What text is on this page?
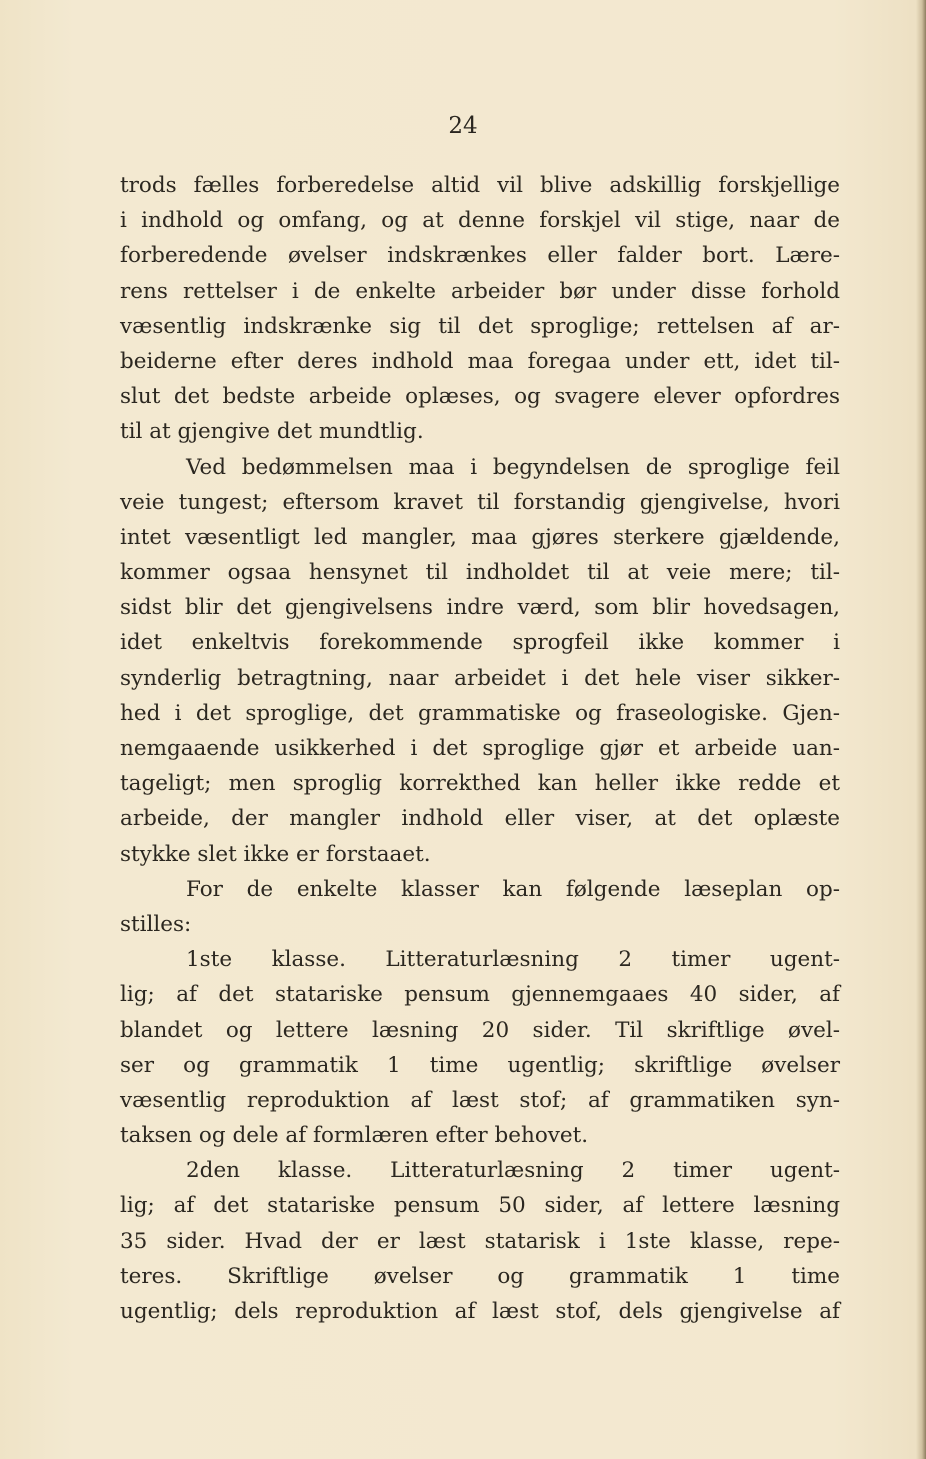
24

trods fælles forberedelse altid vil blive adskillig forskjellige
i indhold og omfang, og at denne forskjel vil stige, naar de
forberedende øvelser indskrænkes eller falder bort. Lære-
rens rettelser i de enkelte arbeider bør under disse forhold
væsentlig indskrænke sig til det sproglige; rettelsen af ar-
beiderne efter deres indhold maa foregaa under ett, idet til-
slut det bedste arbeide oplæses, og svagere elever opfordres
til at gjengive det mundtlig.

Ved bedømmelsen maa i begyndelsen de sproglige feil
veie tungest; eftersom kravet til forstandig gjengivelse, hvori
intet væsentligt led mangler, maa gjøres sterkere gjældende,
kommer ogsaa hensynet til indholdet til at veie mere; til-
sidst blir det gjengivelsens indre værd, som blir hovedsagen,
idet enkeltvis forekommende sprogfeil ikke kommer i
synderlig betragtning, naar arbeidet i det hele viser sikker-
hed i det sproglige, det grammatiske og fraseologiske. Gjen-
nemgaaende usikkerhed i det sproglige gjør et arbeide uan-
tageligt; men sproglig korrekthed kan heller ikke redde et
arbeide, der mangler indhold eller viser, at det oplæste
stykke slet ikke er forstaaet.

For de enkelte klasser kan følgende læseplan op-
stilles:

1ste klasse. Litteraturlæsning 2 timer ugent-
lig; af det statariske pensum gjennemgaaes 40 sider, af
blandet og lettere læsning 20 sider. Til skriftlige øvel-
ser og grammatik 1 time ugentlig; skriftlige øvelser
væsentlig reproduktion af læst stof; af grammatiken syn-
taksen og dele af formlæren efter behovet.

2den klasse. Litteraturlæsning 2 timer ugent-
lig; af det statariske pensum 50 sider, af lettere læsning
35 sider. Hvad der er læst statarisk i 1ste klasse, repe-
teres. Skriftlige øvelser og grammatik 1 time
ugentlig; dels reproduktion af læst stof, dels gjengivelse af
